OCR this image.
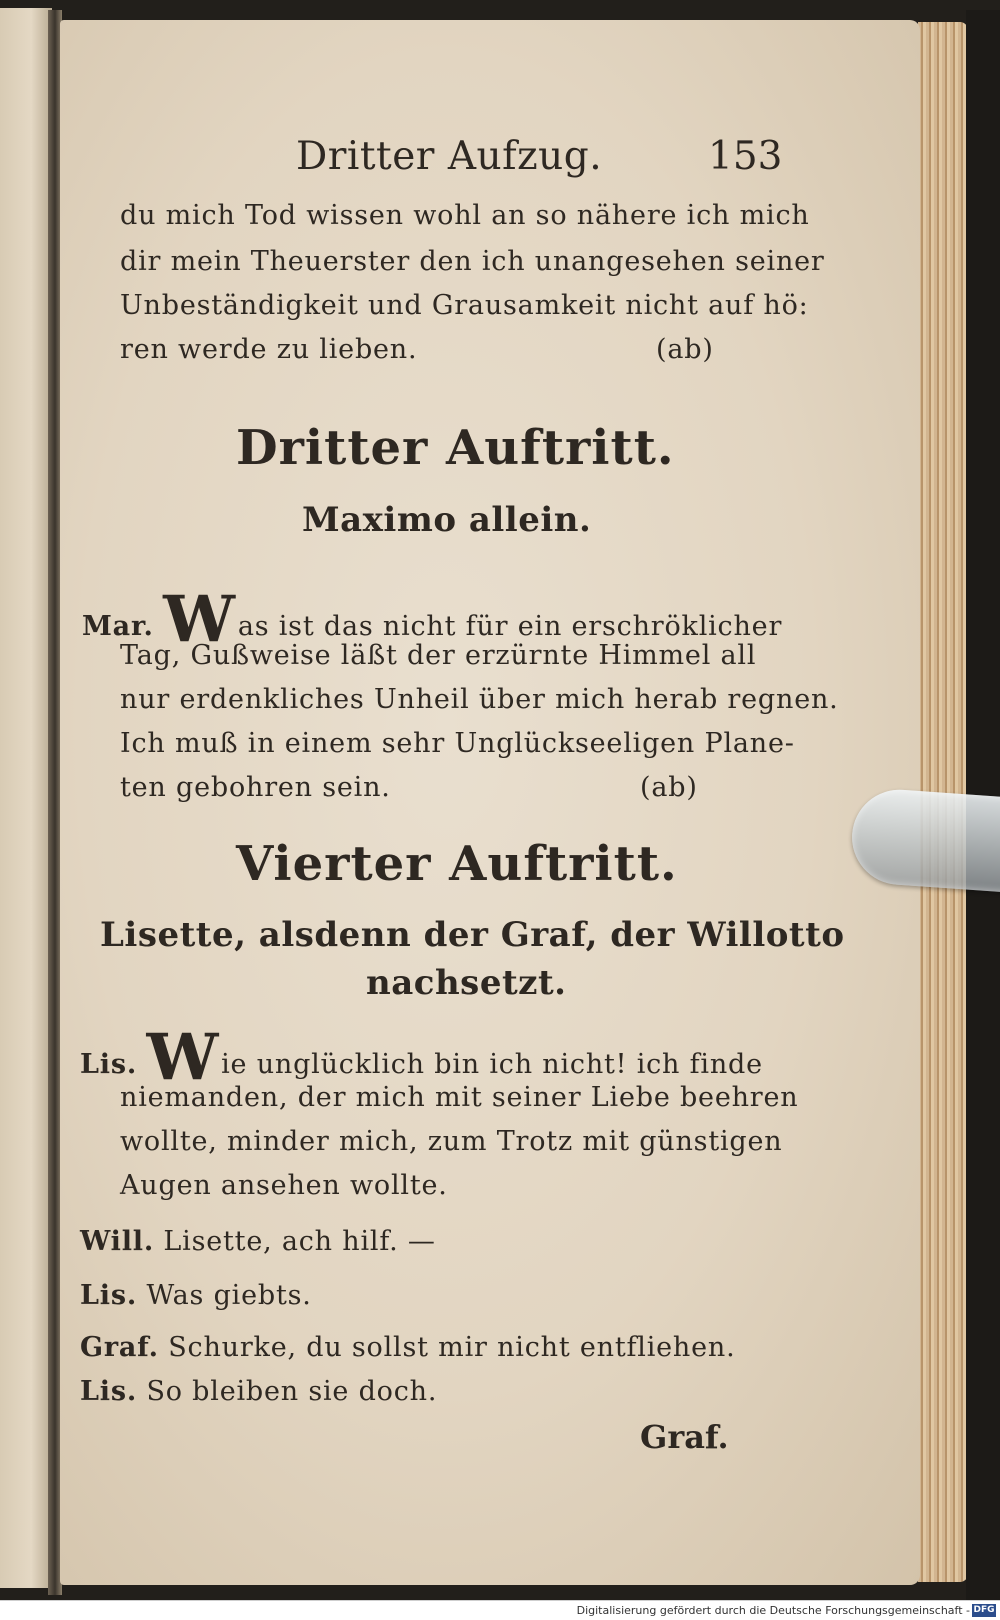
Dritter Aufzug.	153
du mich Tod wissen wohl an so nähere ich mich
dir mein Theuerster den ich unangesehen seiner
Unbeständigkeit und Grausamkeit nicht auf hö:
ren werde zu lieben.	(ab)
Dritter Auftritt.
Maximo allein.
Mar. Was ist das nicht für ein erschröklicher
Tag, Gußweise läßt der erzürnte Himmel all
nur erdenkliches Unheil über mich herab regnen.
Ich muß in einem sehr Unglückseeligen Plane-
ten gebohren sein.	(ab)
Vierter Auftritt.
Lisette, alsdenn der Graf, der Willotto
nachsetzt.
Lis. Wie unglücklich bin ich nicht! ich finde
niemanden, der mich mit seiner Liebe beehren
wollte, minder mich, zum Trotz mit günstigen
Augen ansehen wollte.
Will. Lisette, ach hilf. —
Lis. Was giebts.
Graf. Schurke, du sollst mir nicht entfliehen.
Lis. So bleiben sie doch.
Graf.
Digitalisierung gefördert durch die Deutsche Forschungsgemeinschaft - DFG
